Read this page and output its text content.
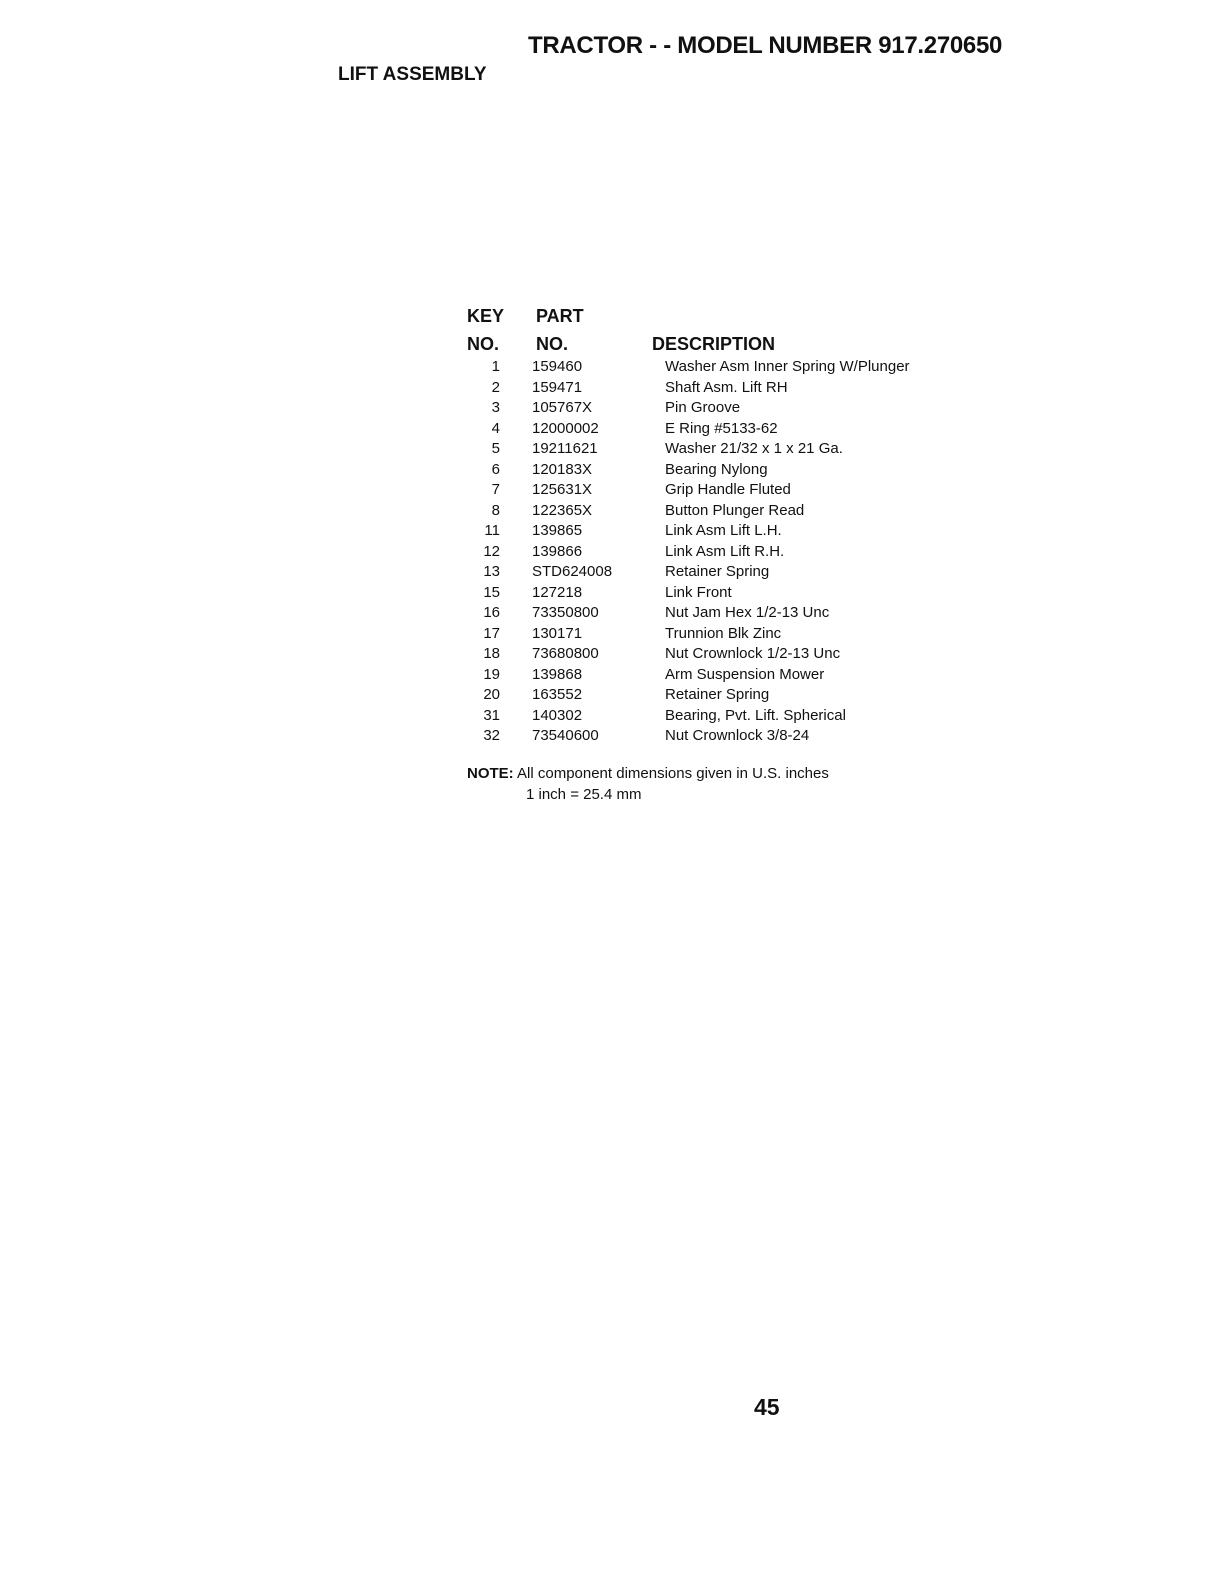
TRACTOR - - MODEL NUMBER 917.270650
LIFT ASSEMBLY
KEY
NO.
PART
NO.	DESCRIPTION
1 159460	Washer Asm Inner Spring W/Plunger
2 159471	Shaft Asm. Lift RH
3 105767X	Pin Groove
4 12000002	E Ring #5133-62
5 19211621	Washer 21/32 x 1 x 21 Ga.
6 120183X	Bearing Nylong
7 125631X	Grip Handle Fluted
8 122365X	Button Plunger Read
11 139865	Link Asm Lift L.H.
12 139866	Link Asm Lift R.H.
13 STD624008	Retainer Spring
15 127218	Link Front
16 73350800	Nut Jam Hex 1/2-13 Unc
17 130171	Trunnion Blk Zinc
18 73680800	Nut Crownlock 1/2-13 Unc
19 139868	Arm Suspension Mower
20 163552	Retainer Spring
31 140302	Bearing, Pvt. Lift. Spherical
32 73540600	Nut Crownlock 3/8-24
NOTE: All component dimensions given in U.S. inches
1 inch = 25.4 mm
45
